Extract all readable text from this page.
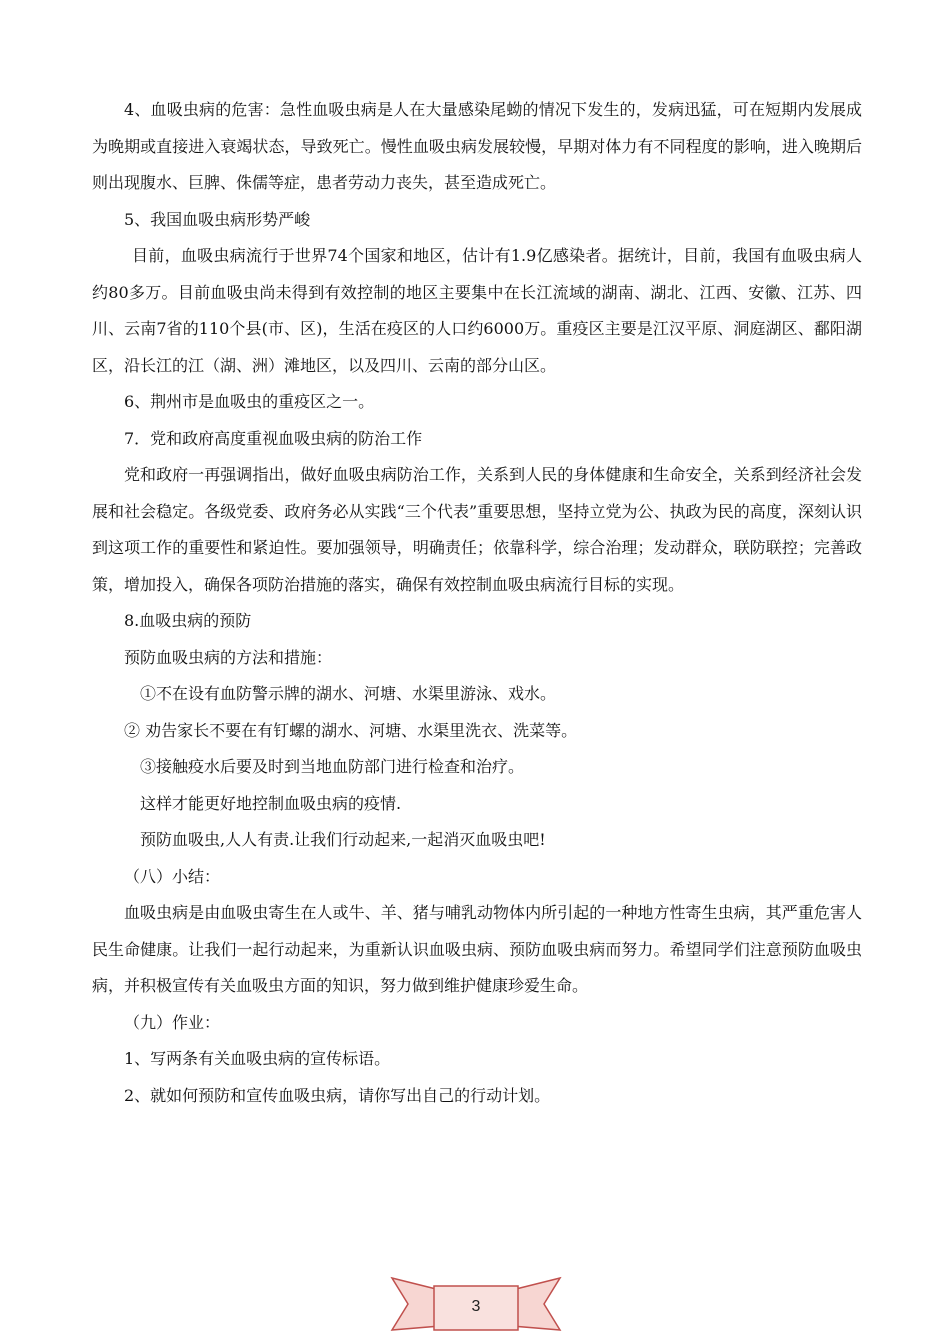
4、血吸虫病的危害：急性血吸虫病是人在大量感染尾蚴的情况下发生的，发病迅猛，可在短期内发展成为晚期或直接进入衰竭状态，导致死亡。慢性血吸虫病发展较慢，早期对体力有不同程度的影响，进入晚期后则出现腹水、巨脾、侏儒等症，患者劳动力丧失，甚至造成死亡。

5、我国血吸虫病形势严峻

目前，血吸虫病流行于世界74个国家和地区，估计有1.9亿感染者。据统计，目前，我国有血吸虫病人约80多万。目前血吸虫尚未得到有效控制的地区主要集中在长江流域的湖南、湖北、江西、安徽、江苏、四川、云南7省的110个县(市、区)，生活在疫区的人口约6000万。重疫区主要是江汉平原、洞庭湖区、鄱阳湖区，沿长江的江（湖、洲）滩地区，以及四川、云南的部分山区。

6、荆州市是血吸虫的重疫区之一。

7．党和政府高度重视血吸虫病的防治工作

党和政府一再强调指出，做好血吸虫病防治工作，关系到人民的身体健康和生命安全，关系到经济社会发展和社会稳定。各级党委、政府务必从实践“三个代表”重要思想，坚持立党为公、执政为民的高度，深刻认识到这项工作的重要性和紧迫性。要加强领导，明确责任；依靠科学，综合治理；发动群众，联防联控；完善政策，增加投入，确保各项防治措施的落实，确保有效控制血吸虫病流行目标的实现。

8.血吸虫病的预防

预防血吸虫病的方法和措施：

①不在设有血防警示牌的湖水、河塘、水渠里游泳、戏水。

② 劝告家长不要在有钉螺的湖水、河塘、水渠里洗衣、洗菜等。

③接触疫水后要及时到当地血防部门进行检查和治疗。

这样才能更好地控制血吸虫病的疫情.

预防血吸虫,人人有责.让我们行动起来,一起消灭血吸虫吧!

（八）小结：

血吸虫病是由血吸虫寄生在人或牛、羊、猪与哺乳动物体内所引起的一种地方性寄生虫病，其严重危害人民生命健康。让我们一起行动起来，为重新认识血吸虫病、预防血吸虫病而努力。希望同学们注意预防血吸虫病，并积极宣传有关血吸虫方面的知识，努力做到维护健康珍爱生命。

（九）作业：

1、写两条有关血吸虫病的宣传标语。

2、就如何预防和宣传血吸虫病，请你写出自己的行动计划。

3
